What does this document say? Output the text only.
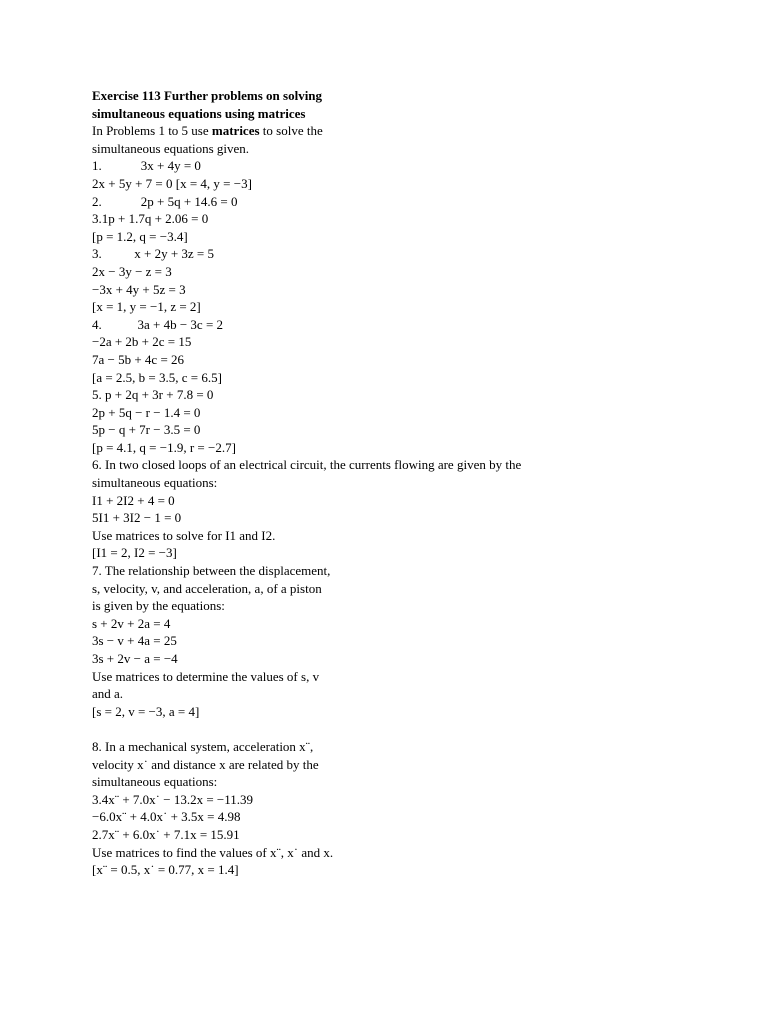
Exercise 113 Further problems on solving
simultaneous equations using matrices
In Problems 1 to 5 use matrices to solve the
simultaneous equations given.
1.            3x + 4y = 0
2x + 5y + 7 = 0 [x = 4, y = −3]
2.            2p + 5q + 14.6 = 0
3.1p + 1.7q + 2.06 = 0
[p = 1.2, q = −3.4]
3.          x + 2y + 3z = 5
2x − 3y − z = 3
−3x + 4y + 5z = 3
[x = 1, y = −1, z = 2]
4.           3a + 4b − 3c = 2
−2a + 2b + 2c = 15
7a − 5b + 4c = 26
[a = 2.5, b = 3.5, c = 6.5]
5. p + 2q + 3r + 7.8 = 0
2p + 5q − r − 1.4 = 0
5p − q + 7r − 3.5 = 0
[p = 4.1, q = −1.9, r = −2.7]
6. In two closed loops of an electrical circuit, the currents flowing are given by the
simultaneous equations:
I1 + 2I2 + 4 = 0
5I1 + 3I2 − 1 = 0
Use matrices to solve for I1 and I2.
[I1 = 2, I2 = −3]
7. The relationship between the displacement,
s, velocity, v, and acceleration, a, of a piston
is given by the equations:
s + 2v + 2a = 4
3s − v + 4a = 25
3s + 2v − a = −4
Use matrices to determine the values of s, v
and a.
[s = 2, v = −3, a = 4]
8. In a mechanical system, acceleration x¨,
velocity x˙ and distance x are related by the
simultaneous equations:
3.4x¨ + 7.0x˙ − 13.2x = −11.39
−6.0x¨ + 4.0x˙ + 3.5x = 4.98
2.7x¨ + 6.0x˙ + 7.1x = 15.91
Use matrices to find the values of x¨, x˙ and x.
[x¨ = 0.5, x˙ = 0.77, x = 1.4]
